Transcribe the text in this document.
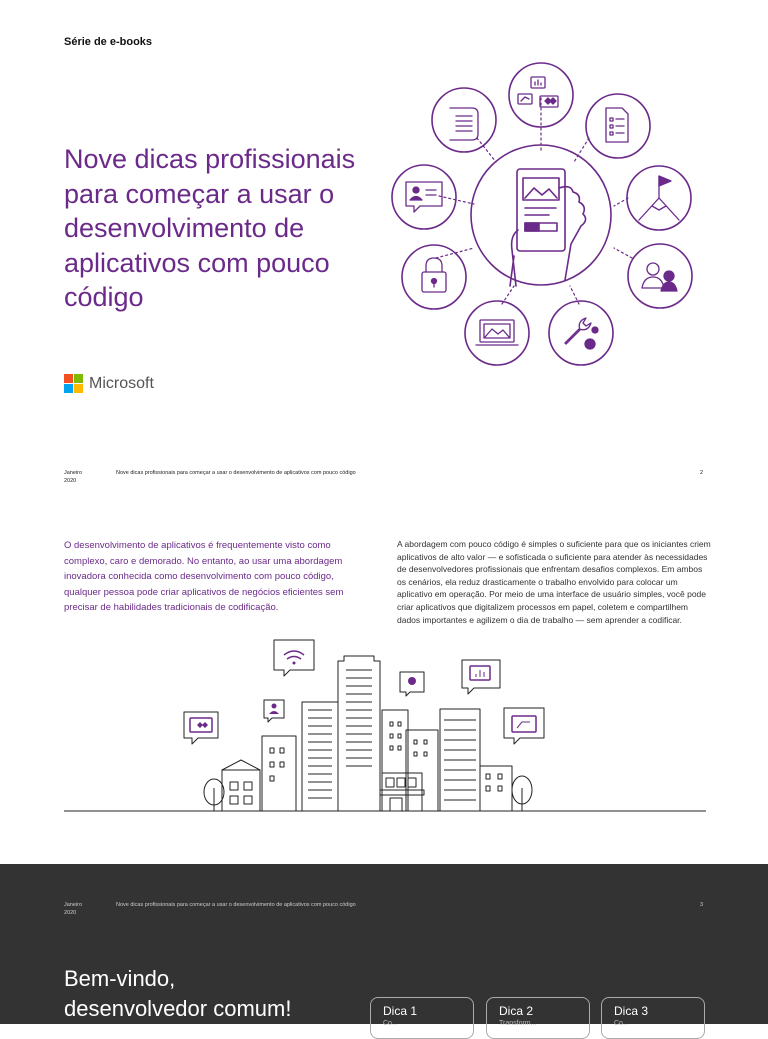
Série de e-books
Nove dicas profissionais para começar a usar o desenvolvimento de aplicativos com pouco código
Microsoft
Janeiro
2020
Nove dicas profissionais para começar a usar o desenvolvimento de aplicativos com pouco código	2
O desenvolvimento de aplicativos é frequentemente visto como complexo, caro e demorado. No entanto, ao usar uma abordagem inovadora conhecida como desenvolvimento com pouco código, qualquer pessoa pode criar aplicativos de negócios eficientes sem precisar de habilidades tradicionais de codificação.
A abordagem com pouco código é simples o suficiente para que os iniciantes criem aplicativos de alto valor — e sofisticada o suficiente para atender às necessidades de desenvolvedores profissionais que enfrentam desafios complexos. Em ambos os cenários, ela reduz drasticamente o trabalho envolvido para colocar um aplicativo em operação. Por meio de uma interface de usuário simples, você pode criar aplicativos que digitalizem processos em papel, coletem e compartilhem dados importantes e agilizem o dia de trabalho — sem aprender a codificar.
Janeiro
2020
Nove dicas profissionais para começar a usar o desenvolvimento de aplicativos com pouco código	3
Bem-vindo,
desenvolvedor comum!	Dica 1
Co...
Dica 2
Transform...
Dica 3
Co...
